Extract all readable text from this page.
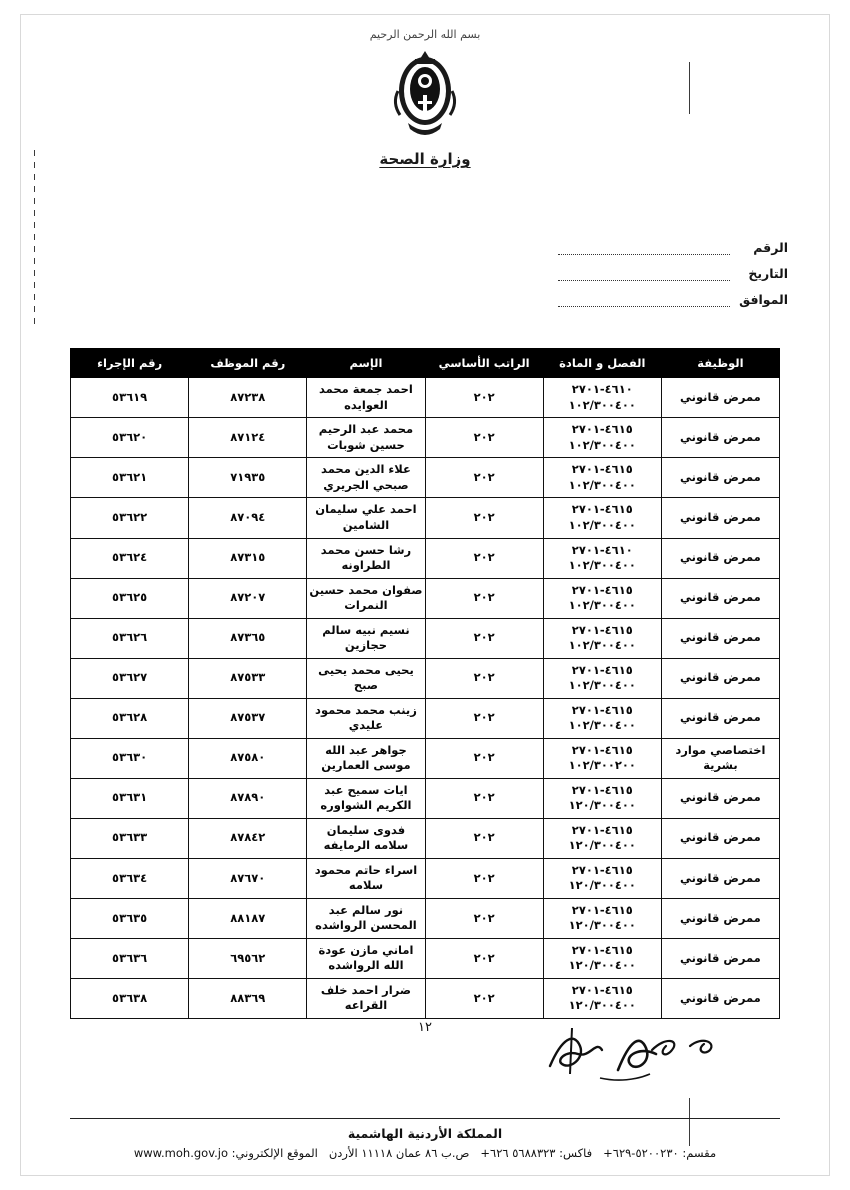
بسم الله الرحمن الرحيم
وزارة الصحة
الرقم
التاريخ
الموافق
الوظيفة	الفصل و المادة	الراتب الأساسي	الإسم	رقم الموظف	رقم الإجراء
ممرض قانوني	٤٦١٠-٢٧٠١ ١٠٢/٣٠٠٤٠٠	٢٠٢	احمد جمعة محمد العوايده	٨٧٢٣٨	٥٣٦١٩
ممرض قانوني	٤٦١٥-٢٧٠١ ١٠٢/٣٠٠٤٠٠	٢٠٢	محمد عبد الرحيم حسين شوبات	٨٧١٢٤	٥٣٦٢٠
ممرض قانوني	٤٦١٥-٢٧٠١ ١٠٢/٣٠٠٤٠٠	٢٠٢	علاء الدين محمد صبحي الجريري	٧١٩٣٥	٥٣٦٢١
ممرض قانوني	٤٦١٥-٢٧٠١ ١٠٢/٣٠٠٤٠٠	٢٠٢	احمد علي سليمان الشامين	٨٧٠٩٤	٥٣٦٢٢
ممرض قانوني	٤٦١٠-٢٧٠١ ١٠٢/٣٠٠٤٠٠	٢٠٢	رشا حسن محمد الطراونه	٨٧٣١٥	٥٣٦٢٤
ممرض قانوني	٤٦١٥-٢٧٠١ ١٠٢/٣٠٠٤٠٠	٢٠٢	صفوان محمد حسين النمرات	٨٧٢٠٧	٥٣٦٢٥
ممرض قانوني	٤٦١٥-٢٧٠١ ١٠٢/٣٠٠٤٠٠	٢٠٢	نسيم نبيه سالم حجازين	٨٧٣٦٥	٥٣٦٢٦
ممرض قانوني	٤٦١٥-٢٧٠١ ١٠٢/٣٠٠٤٠٠	٢٠٢	يحيى محمد يحيى صبح	٨٧٥٣٣	٥٣٦٢٧
ممرض قانوني	٤٦١٥-٢٧٠١ ١٠٢/٣٠٠٤٠٠	٢٠٢	زينب محمد محمود عليدي	٨٧٥٣٧	٥٣٦٢٨
اختصاصي موارد بشرية	٤٦١٥-٢٧٠١ ١٠٢/٣٠٠٢٠٠	٢٠٢	جواهر عبد الله موسى العمارين	٨٧٥٨٠	٥٣٦٣٠
ممرض قانوني	٤٦١٥-٢٧٠١ ١٢٠/٣٠٠٤٠٠	٢٠٢	ايات سميح عبد الكريم الشواوره	٨٧٨٩٠	٥٣٦٣١
ممرض قانوني	٤٦١٥-٢٧٠١ ١٢٠/٣٠٠٤٠٠	٢٠٢	فدوى سليمان سلامه الرمايفه	٨٧٨٤٢	٥٣٦٣٣
ممرض قانوني	٤٦١٥-٢٧٠١ ١٢٠/٣٠٠٤٠٠	٢٠٢	اسراء حاتم محمود سلامه	٨٧٦٧٠	٥٣٦٣٤
ممرض قانوني	٤٦١٥-٢٧٠١ ١٢٠/٣٠٠٤٠٠	٢٠٢	نور سالم عبد المحسن الرواشده	٨٨١٨٧	٥٣٦٣٥
ممرض قانوني	٤٦١٥-٢٧٠١ ١٢٠/٣٠٠٤٠٠	٢٠٢	اماني مازن عودة الله الرواشده	٦٩٥٦٢	٥٣٦٣٦
ممرض قانوني	٤٦١٥-٢٧٠١ ١٢٠/٣٠٠٤٠٠	٢٠٢	ضرار احمد خلف القراعه	٨٨٣٦٩	٥٣٦٣٨
١٢
المملكة الأردنية الهاشمية
مقسم: ٥٢٠٠٢٣٠-٦٢٩+   فاكس: ٥٦٨٨٣٢٣ ٦٢٦+   ص.ب ٨٦ عمان ١١١١٨ الأردن   الموقع الإلكتروني: www.moh.gov.jo
